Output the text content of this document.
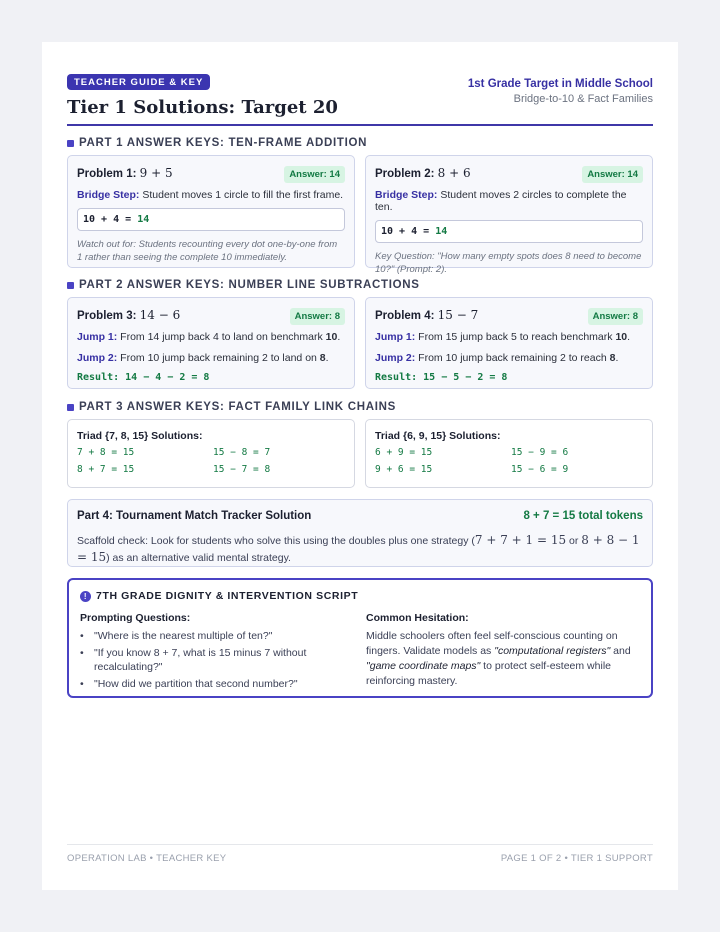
TEACHER GUIDE & KEY
Tier 1 Solutions: Target 20
1st Grade Target in Middle School
Bridge-to-10 & Fact Families
PART 1 ANSWER KEYS: TEN-FRAME ADDITION
Problem 1: 9 + 5	Answer: 14
Bridge Step: Student moves 1 circle to fill the first frame.
10 + 4 = 14
Watch out for: Students recounting every dot one-by-one from 1 rather than seeing the complete 10 immediately.
Problem 2: 8 + 6	Answer: 14
Bridge Step: Student moves 2 circles to complete the ten.
10 + 4 = 14
Key Question: "How many empty spots does 8 need to become 10?" (Prompt: 2).
PART 2 ANSWER KEYS: NUMBER LINE SUBTRACTIONS
Problem 3: 14 − 6	Answer: 8
Jump 1: From 14 jump back 4 to land on benchmark 10.
Jump 2: From 10 jump back remaining 2 to land on 8.
Result: 14 − 4 − 2 = 8
Problem 4: 15 − 7	Answer: 8
Jump 1: From 15 jump back 5 to reach benchmark 10.
Jump 2: From 10 jump back remaining 2 to reach 8.
Result: 15 − 5 − 2 = 8
PART 3 ANSWER KEYS: FACT FAMILY LINK CHAINS
Triad {7, 8, 15} Solutions:
7 + 8 = 15	15 − 8 = 7
8 + 7 = 15	15 − 7 = 8
Triad {6, 9, 15} Solutions:
6 + 9 = 15	15 − 9 = 6
9 + 6 = 15	15 − 6 = 9
Part 4: Tournament Match Tracker Solution	8 + 7 = 15 total tokens
Scaffold check: Look for students who solve this using the doubles plus one strategy (7 + 7 + 1 = 15 or 8 + 8 − 1 = 15) as an alternative valid mental strategy.
! 7TH GRADE DIGNITY & INTERVENTION SCRIPT
Prompting Questions:
• "Where is the nearest multiple of ten?"
• "If you know 8 + 7, what is 15 minus 7 without recalculating?"
• "How did we partition that second number?"
Common Hesitation:

Middle schoolers often feel self-conscious counting on fingers. Validate models as "computational registers" and "game coordinate maps" to protect self-esteem while reinforcing mastery.

OPERATION LAB • TEACHER KEY	PAGE 1 OF 2 • TIER 1 SUPPORT
